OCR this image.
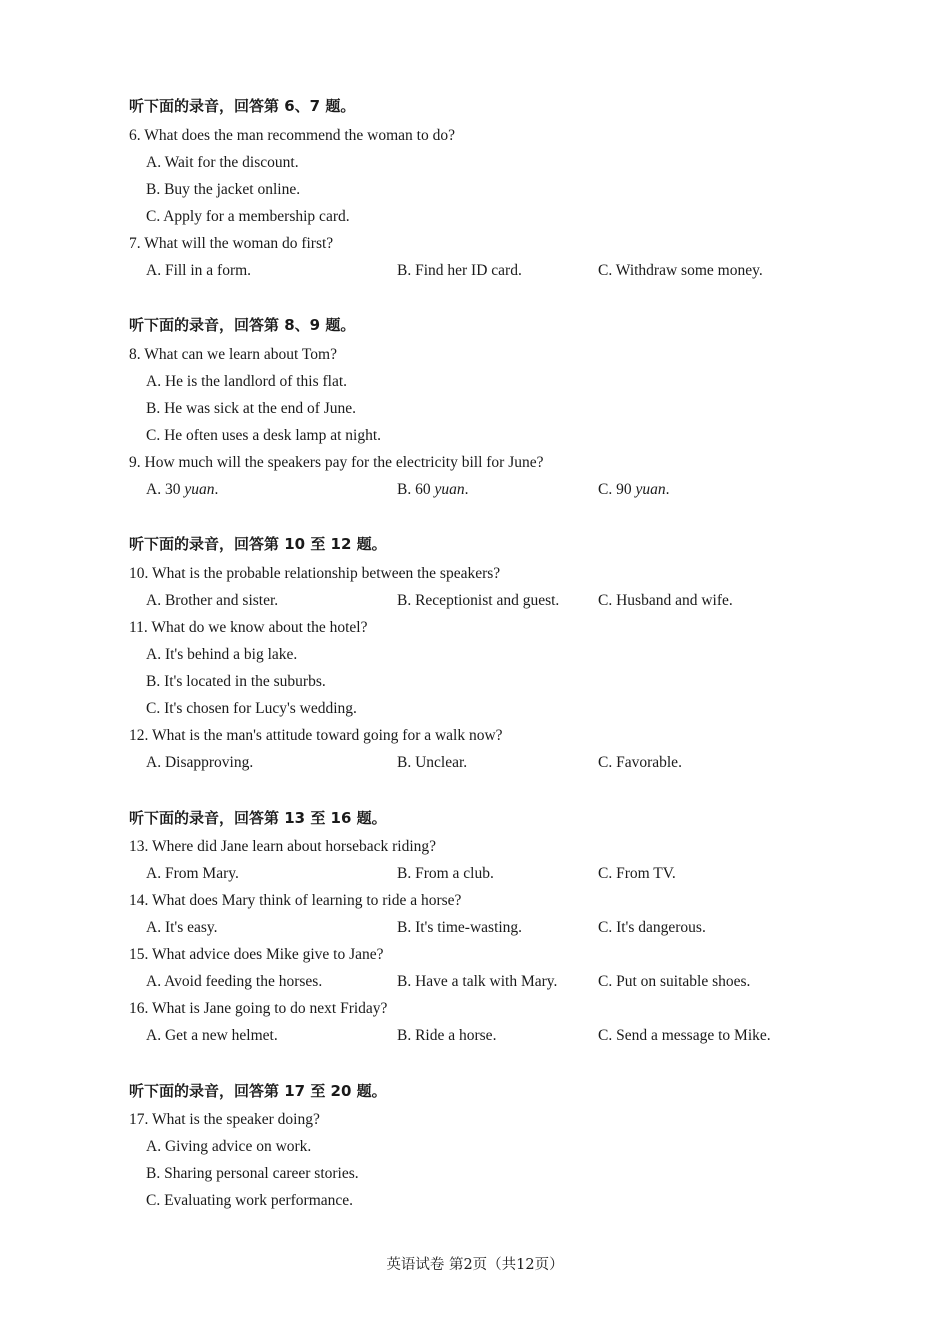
听下面的录音，回答第 6、7 题。
6. What does the man recommend the woman to do?
A. Wait for the discount.
B. Buy the jacket online.
C. Apply for a membership card.
7. What will the woman do first?
A. Fill in a form.	B. Find her ID card.	C. Withdraw some money.
听下面的录音，回答第 8、9 题。
8. What can we learn about Tom?
A. He is the landlord of this flat.
B. He was sick at the end of June.
C. He often uses a desk lamp at night.
9. How much will the speakers pay for the electricity bill for June?
A. 30 yuan.	B. 60 yuan.	C. 90 yuan.
听下面的录音，回答第 10 至 12 题。
10. What is the probable relationship between the speakers?
A. Brother and sister.	B. Receptionist and guest. C. Husband and wife.
11. What do we know about the hotel?
A. It's behind a big lake.
B. It's located in the suburbs.
C. It's chosen for Lucy's wedding.
12. What is the man's attitude toward going for a walk now?
A. Disapproving.	B. Unclear.	C. Favorable.
听下面的录音，回答第 13 至 16 题。
13. Where did Jane learn about horseback riding?
A. From Mary.	B. From a club.	C. From TV.
14. What does Mary think of learning to ride a horse?
A. It's easy.	B. It's time-wasting.	C. It's dangerous.
15. What advice does Mike give to Jane?
A. Avoid feeding the horses.	B. Have a talk with Mary.	C. Put on suitable shoes.
16. What is Jane going to do next Friday?
A. Get a new helmet.	B. Ride a horse.	C. Send a message to Mike.
听下面的录音，回答第 17 至 20 题。
17. What is the speaker doing?
A. Giving advice on work.
B. Sharing personal career stories.
C. Evaluating work performance.
英语试卷 第2页（共12页）
